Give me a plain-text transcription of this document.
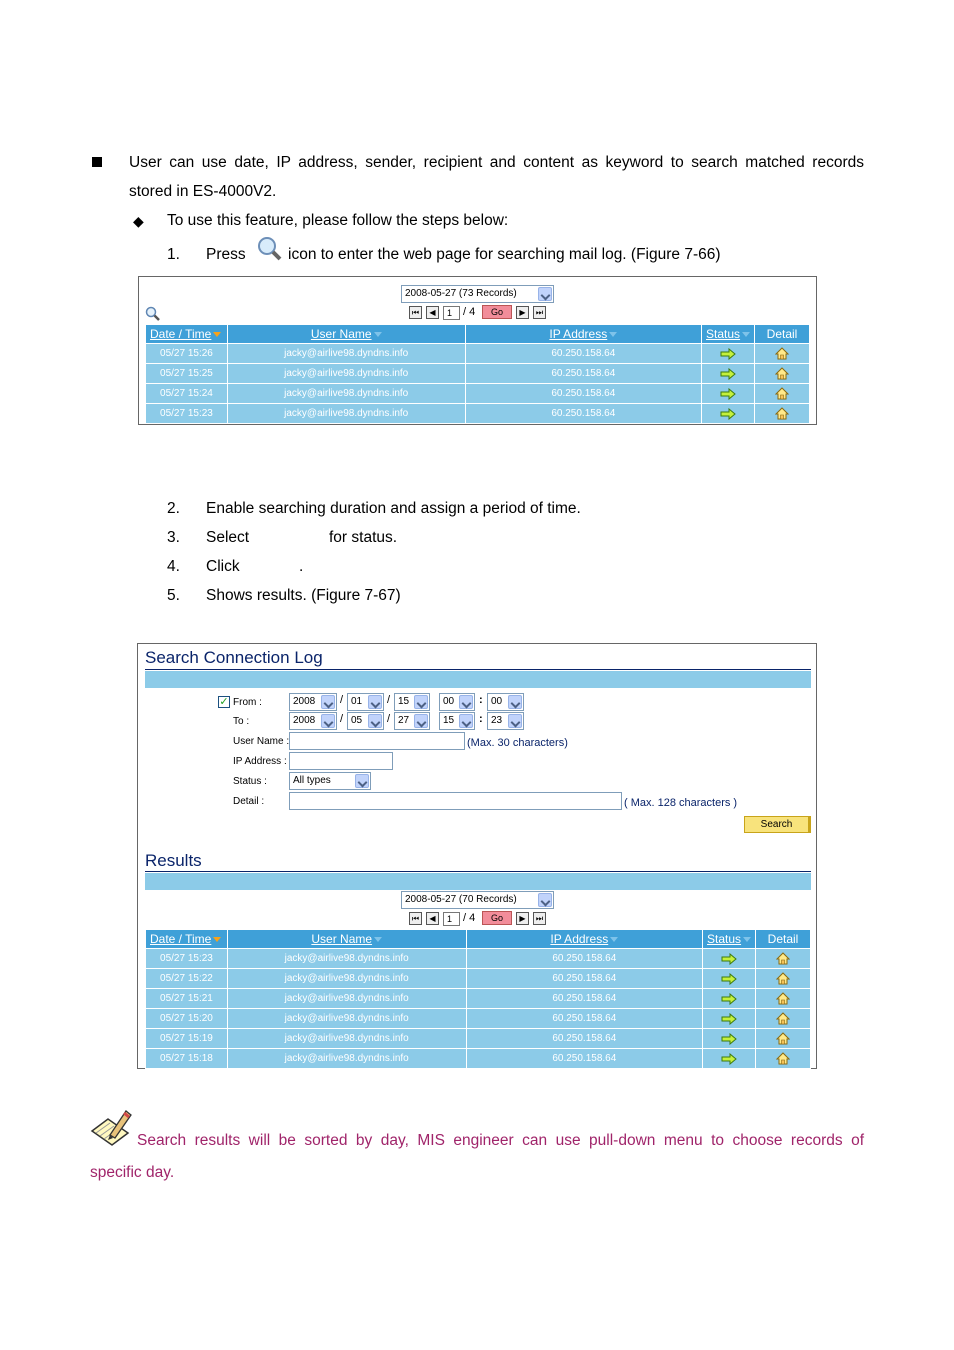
User can use date, IP address, sender, recipient and content as keyword to search matched records
stored in ES-4000V2.
◆ To use this feature, please follow the steps below:
1. Press	icon to enter the web page for searching mail log. (Figure 7-66)
2008-05-27 (73 Records)
⏮	◀	1 / 4	Go	▶	⏭
Date / Time	User Name	IP Address	Status	Detail
05/27 15:26	jacky@airlive98.dyndns.info	60.250.158.64		
05/27 15:25	jacky@airlive98.dyndns.info	60.250.158.64		
05/27 15:24	jacky@airlive98.dyndns.info	60.250.158.64		
05/27 15:23	jacky@airlive98.dyndns.info	60.250.158.64		
2. Enable searching duration and assign a period of time.
3. Select	for status.
4. Click	.
5. Shows results. (Figure 7-67)
Search Connection Log
✓ From :
To :
2008	/ 01	/ 15	00	: 00
2008	/ 05	/ 27	15	: 23
User Name :	(Max. 30 characters)
IP Address :
Status :	All types
Detail :	( Max. 128 characters )
Search
Results
2008-05-27 (70 Records)
⏮	◀	1 / 4	Go	▶	⏭
Date / Time	User Name	IP Address	Status	Detail
05/27 15:23	jacky@airlive98.dyndns.info	60.250.158.64		
05/27 15:22	jacky@airlive98.dyndns.info	60.250.158.64		
05/27 15:21	jacky@airlive98.dyndns.info	60.250.158.64		
05/27 15:20	jacky@airlive98.dyndns.info	60.250.158.64		
05/27 15:19	jacky@airlive98.dyndns.info	60.250.158.64		
05/27 15:18	jacky@airlive98.dyndns.info	60.250.158.64		
Search results will be sorted by day, MIS engineer can use pull-down menu to choose records of
specific day.
